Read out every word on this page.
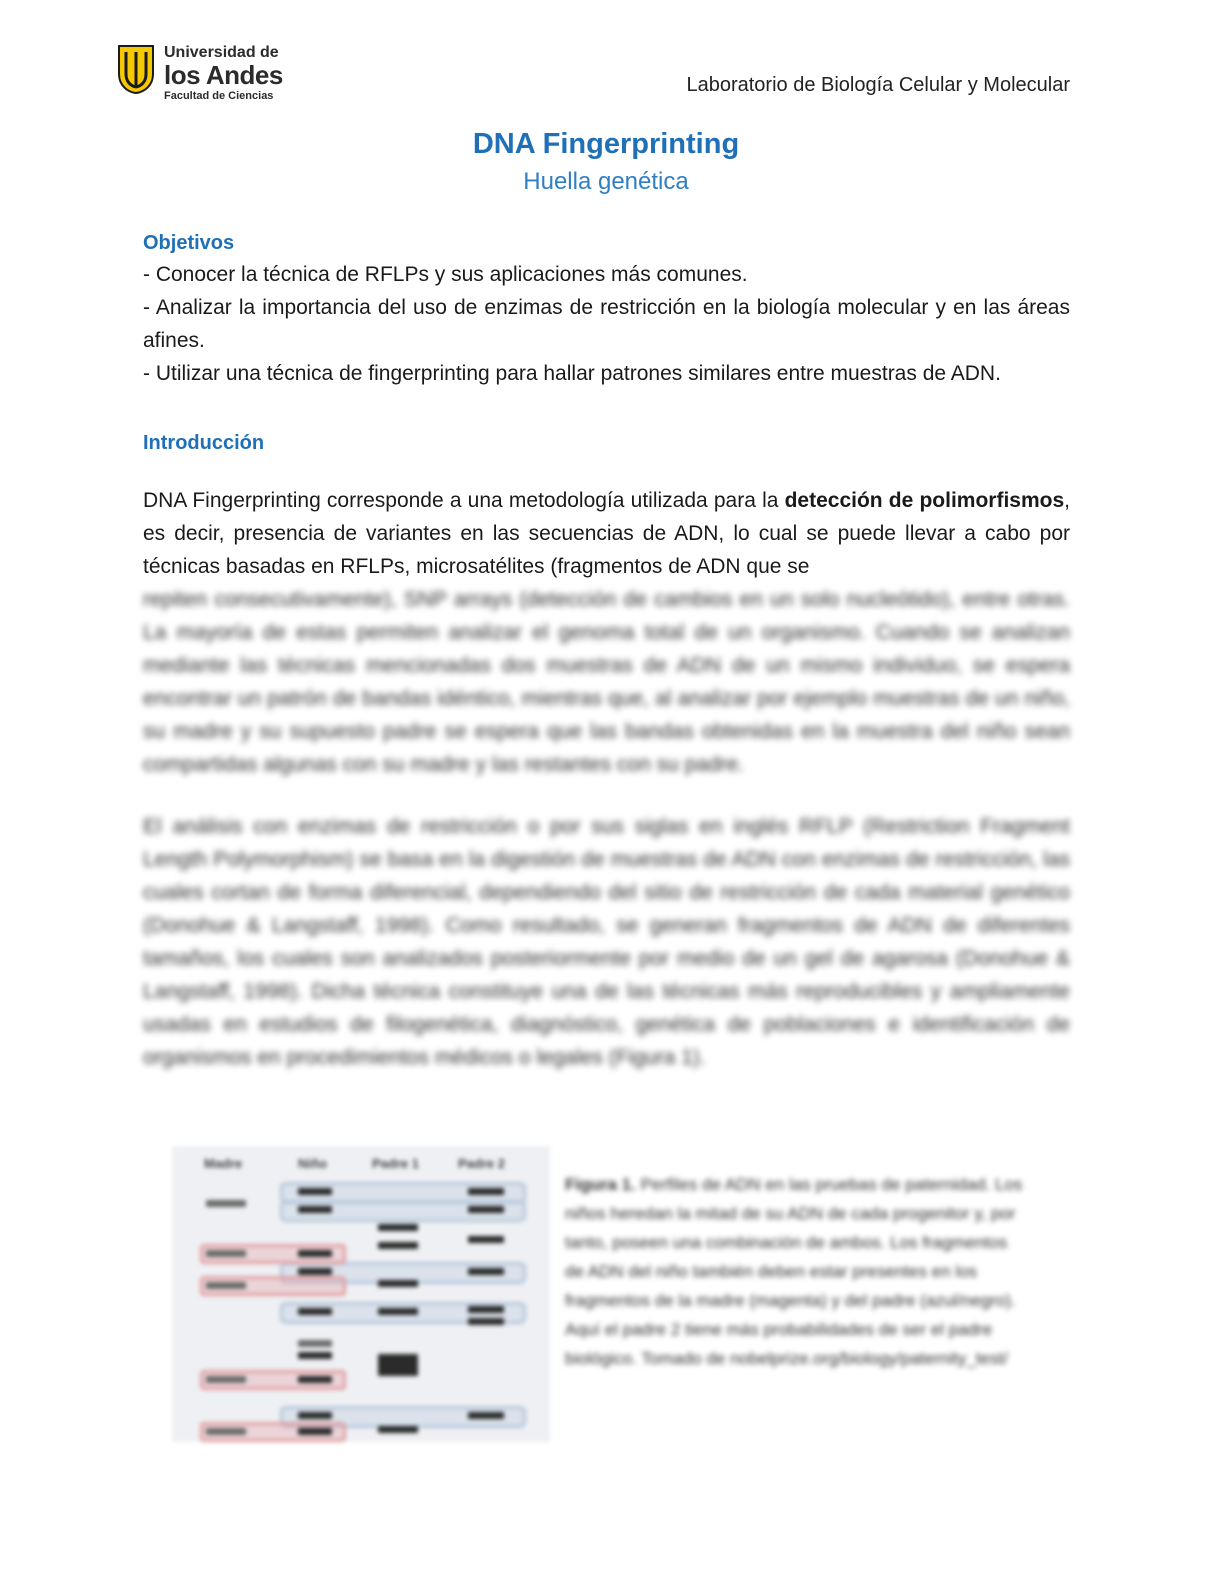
Universidad de
los Andes
Facultad de Ciencias	Laboratorio de Biología Celular y Molecular
DNA Fingerprinting
Huella genética
Objetivos

- Conocer la técnica de RFLPs y sus aplicaciones más comunes.

- Analizar la importancia del uso de enzimas de restricción en la biología molecular y en las áreas afines.

- Utilizar una técnica de fingerprinting para hallar patrones similares entre muestras de ADN.

Introducción

DNA Fingerprinting corresponde a una metodología utilizada para la detección de polimorfismos, es decir, presencia de variantes en las secuencias de ADN, lo cual se puede llevar a cabo por técnicas basadas en RFLPs, microsatélites (fragmentos de ADN que se

repiten consecutivamente), SNP arrays (detección de cambios en un solo nucleótido), entre otras. La mayoría de estas permiten analizar el genoma total de un organismo. Cuando se analizan mediante las técnicas mencionadas dos muestras de ADN de un mismo individuo, se espera encontrar un patrón de bandas idéntico, mientras que, al analizar por ejemplo muestras de un niño, su madre y su supuesto padre se espera que las bandas obtenidas en la muestra del niño sean compartidas algunas con su madre y las restantes con su padre.

El análisis con enzimas de restricción o por sus siglas en inglés RFLP (Restriction Fragment Length Polymorphism) se basa en la digestión de muestras de ADN con enzimas de restricción, las cuales cortan de forma diferencial, dependiendo del sitio de restricción de cada material genético (Donohue & Langstaff, 1998). Como resultado, se generan fragmentos de ADN de diferentes tamaños, los cuales son analizados posteriormente por medio de un gel de agarosa (Donohue & Langstaff, 1998). Dicha técnica constituye una de las técnicas más reproducibles y ampliamente usadas en estudios de filogenética, diagnóstico, genética de poblaciones e identificación de organismos en procedimientos médicos o legales (Figura 1).

Madre	Niño	Padre 1	Padre 2
Figura 1. Perfiles de ADN en las pruebas de paternidad. Los niños heredan la mitad de su ADN de cada progenitor y, por tanto, poseen una combinación de ambos. Los fragmentos de ADN del niño también deben estar presentes en los fragmentos de la madre (magenta) y del padre (azul/negro). Aquí el padre 2 tiene más probabilidades de ser el padre biológico. Tomado de nobelprize.org/biology/paternity_test/
